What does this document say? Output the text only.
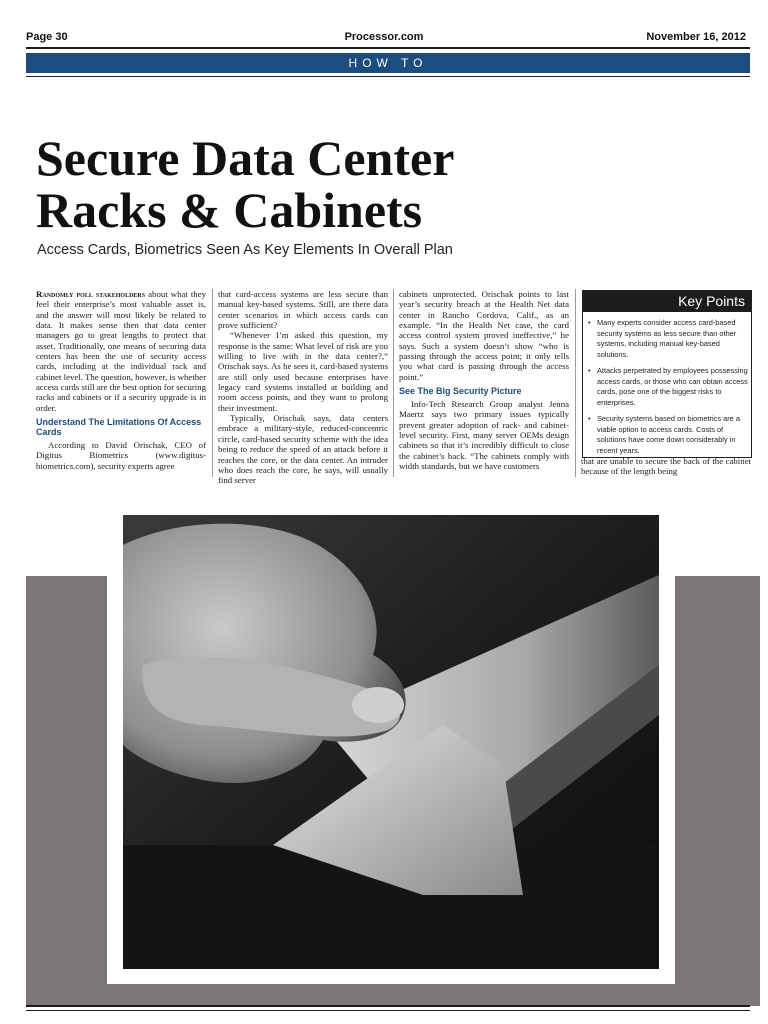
Page 30	Processor.com	November 16, 2012
HOW TO
Secure Data Center
Racks & Cabinets
Access Cards, Biometrics Seen As Key Elements In Overall Plan

Randomly poll stakeholders about what they feel their enterprise’s most valuable asset is, and the answer will most likely be related to data. It makes sense then that data center managers go to great lengths to protect that asset. Traditionally, one means of securing data centers has been the use of security access cards, including at the individual rack and cabinet level. The question, however, is whether access cards still are the best option for securing racks and cabinets or if a security upgrade is in order.

Understand The Limitations Of Access Cards

According to David Orischak, CEO of Digitus Biometrics (www.digitus-biometrics.com), security experts agree

that card-access systems are less secure than manual key-based systems. Still, are there data center scenarios in which access cards can prove sufficient?

“Whenever I’m asked this question, my response is the same: What level of risk are you willing to live with in the data center?,” Orischak says. As he sees it, card-based systems are still only used because enterprises have legacy card systems installed at building and room access points, and they want to prolong their investment.

Typically, Orischak says, data centers embrace a military-style, reduced-concentric circle, card-based security scheme with the idea being to reduce the speed of an attack before it reaches the core, or the data center. An intruder who does reach the core, he says, will usually find server

cabinets unprotected. Orischak points to last year’s security breach at the Health Net data center in Rancho Cordova, Calif., as an example. “In the Health Net case, the card access control system proved ineffective,” he says. Such a system doesn’t show “who is passing through the access point; it only tells you what card is passing through the access point.”

See The Big Security Picture

Info-Tech Research Group analyst Jenna Maertz says two primary issues typically prevent greater adoption of rack- and cabinet-level security. First, many server OEMs design cabinets so that it’s incredibly difficult to close the cabinet’s back. “The cabinets comply with width standards, but we have customers

Key Points
• Many experts consider access card-based security systems as less secure than other systems, including manual key-based solutions.
• Attacks perpetrated by employees possessing access cards, or those who can obtain access cards, pose one of the biggest risks to enterprises.
• Security systems based on biometrics are a viable option to access cards. Costs of solutions have come down considerably in recent years.

that are unable to secure the back of the cabinet because of the length being
